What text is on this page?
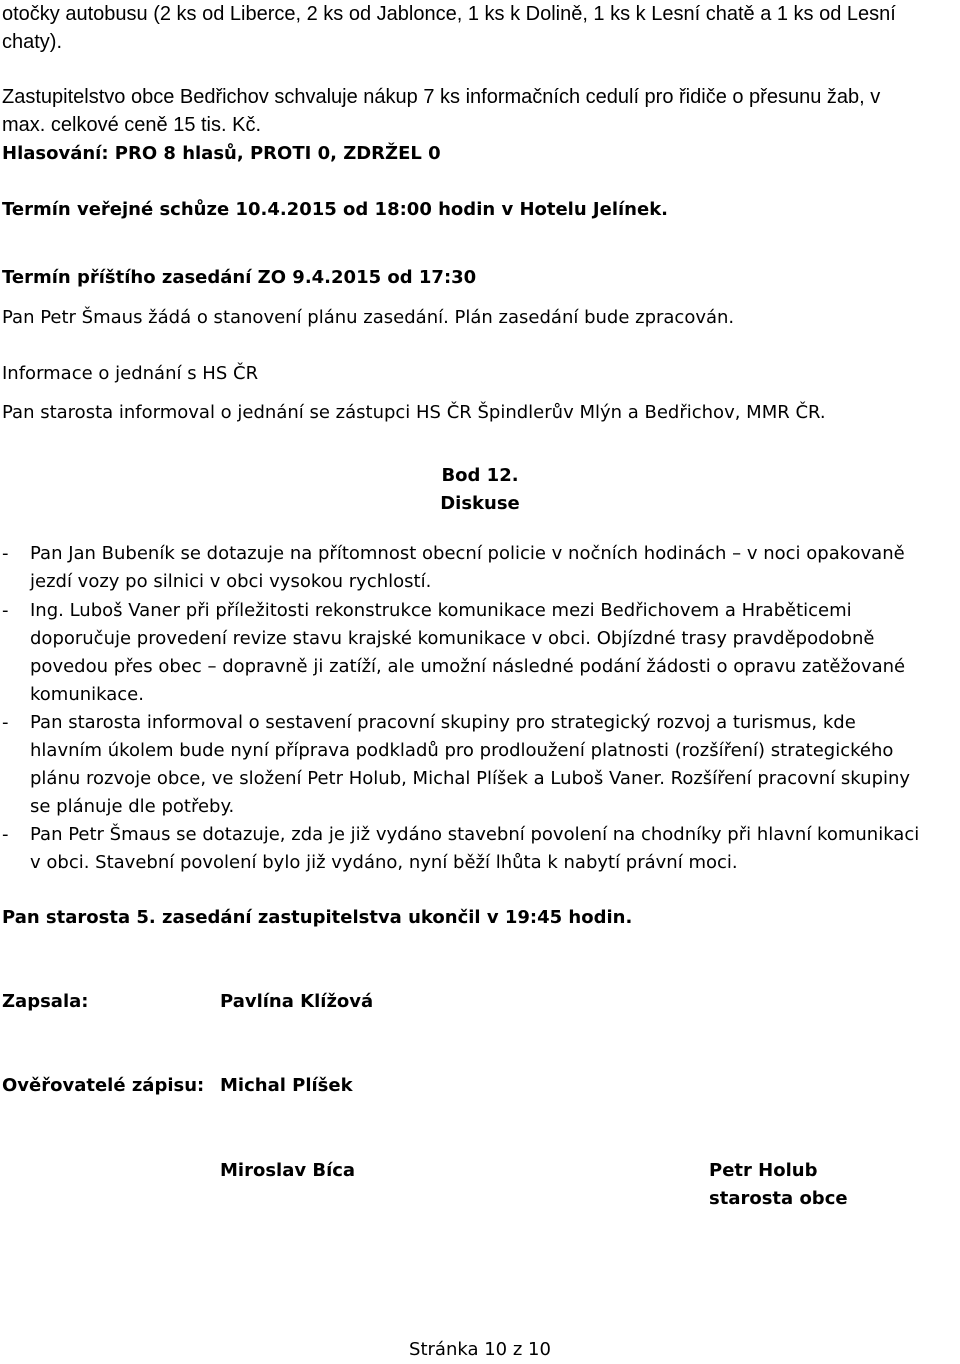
otočky autobusu (2 ks od Liberce, 2 ks od Jablonce, 1 ks k Dolině, 1 ks k Lesní chatě a 1 ks od Lesní
chaty).
Zastupitelstvo obce Bedřichov schvaluje nákup 7 ks informačních cedulí pro řidiče o přesunu žab, v
max. celkové ceně 15 tis. Kč.
Hlasování: PRO 8 hlasů, PROTI 0, ZDRŽEL 0
Termín veřejné schůze 10.4.2015 od 18:00 hodin v Hotelu Jelínek.
Termín příštího zasedání ZO 9.4.2015 od 17:30
Pan Petr Šmaus žádá o stanovení plánu zasedání. Plán zasedání bude zpracován.
Informace o jednání s HS ČR
Pan starosta informoval o jednání se zástupci HS ČR Špindlerův Mlýn a Bedřichov, MMR ČR.
Bod 12.
Diskuse
- Pan Jan Bubeník se dotazuje na přítomnost obecní policie v nočních hodinách – v noci opakovaně
jezdí vozy po silnici v obci vysokou rychlostí.
- Ing. Luboš Vaner při příležitosti rekonstrukce komunikace mezi Bedřichovem a Hraběticemi
doporučuje provedení revize stavu krajské komunikace v obci. Objízdné trasy pravděpodobně
povedou přes obec – dopravně ji zatíží, ale umožní následné podání žádosti o opravu zatěžované
komunikace.
- Pan starosta informoval o sestavení pracovní skupiny pro strategický rozvoj a turismus, kde
hlavním úkolem bude nyní příprava podkladů pro prodloužení platnosti (rozšíření) strategického
plánu rozvoje obce, ve složení Petr Holub, Michal Plíšek a Luboš Vaner. Rozšíření pracovní skupiny
se plánuje dle potřeby.
- Pan Petr Šmaus se dotazuje, zda je již vydáno stavební povolení na chodníky při hlavní komunikaci
v obci. Stavební povolení bylo již vydáno, nyní běží lhůta k nabytí právní moci.
Pan starosta 5. zasedání zastupitelstva ukončil v 19:45 hodin.
Zapsala:	Pavlína Klížová
Ověřovatelé zápisu: Michal Plíšek
Miroslav Bíca	Petr Holub
starosta obce
Stránka 10 z 10
